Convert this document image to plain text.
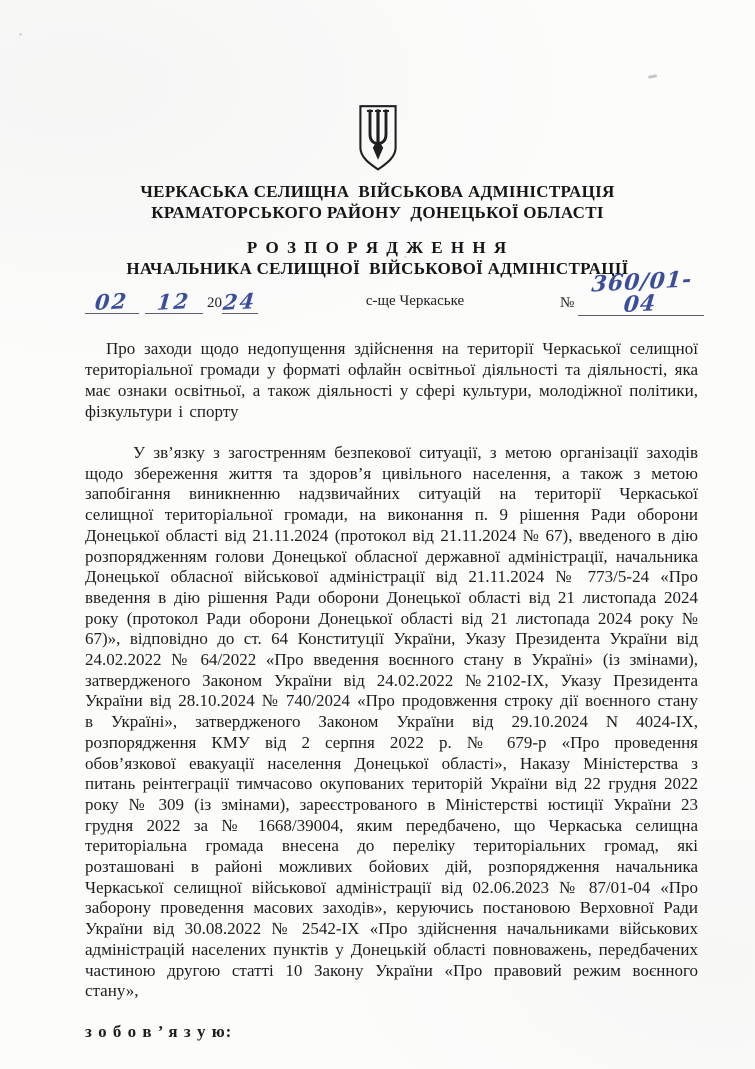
ЧЕРКАСЬКА СЕЛИЩНА  ВІЙСЬКОВА АДМІНІСТРАЦІЯ
КРАМАТОРСЬКОГО РАЙОНУ  ДОНЕЦЬКОЇ ОБЛАСТІ
Р О З П О Р Я Д Ж Е Н Н Я
НАЧАЛЬНИКА СЕЛИЩНОЇ  ВІЙСЬКОВОЇ АДМІНІСТРАЦІЇ
02	12	20 24	с-ще Черкаське	№
360/01-04

Про заходи щодо недопущення здійснення на території Черкаської селищної територіальної громади у форматі офлайн освітньої діяльності та діяльності, яка має ознаки освітньої, а також діяльності у сфері культури, молодіжної політики, фізкультури і спорту

У зв’язку з загостренням безпекової ситуації, з метою організації заходів щодо збереження життя та здоров’я цивільного населення, а також з метою запобігання виникненню надзвичайних ситуацій на території Черкаської селищної територіальної громади, на виконання п. 9 рішення Ради оборони Донецької області від 21.11.2024 (протокол від 21.11.2024 № 67), введеного в дію розпорядженням голови Донецької обласної державної адміністрації, начальника Донецької обласної військової адміністрації від 21.11.2024 № 773/5-24 «Про введення в дію рішення Ради оборони Донецької області від 21 листопада 2024 року (протокол Ради оборони Донецької області від 21 листопада 2024 року № 67)», відповідно до ст. 64 Конституції України, Указу Президента України від 24.02.2022 № 64/2022 «Про введення воєнного стану в Україні» (із змінами), затвердженого Законом України від 24.02.2022 №2102-IX, Указу Президента України від 28.10.2024 № 740/2024 «Про продовження строку дії воєнного стану в Україні», затвердженого Законом України від 29.10.2024 N 4024-IX, розпорядження КМУ від 2 серпня 2022 р. № 679-р «Про проведення обов’язкової евакуації населення Донецької області», Наказу Міністерства з питань реінтеграції тимчасово окупованих територій України від 22 грудня 2022 року № 309 (із змінами), зареєстрованого в Міністерстві юстиції України 23 грудня 2022 за № 1668/39004, яким передбачено, що Черкаська селищна територіальна громада внесена до переліку територіальних громад, які розташовані в районі можливих бойових дій, розпорядження начальника Черкаської селищної військової адміністрації від 02.06.2023 № 87/01-04 «Про заборону проведення масових заходів», керуючись постановою Верховної Ради України від 30.08.2022 № 2542-IX «Про здійснення начальниками військових адміністрацій населених пунктів у Донецькій області повноважень, передбачених частиною другою статті 10 Закону України «Про правовий режим воєнного стану»,

з о б о в ’ я з у ю:
